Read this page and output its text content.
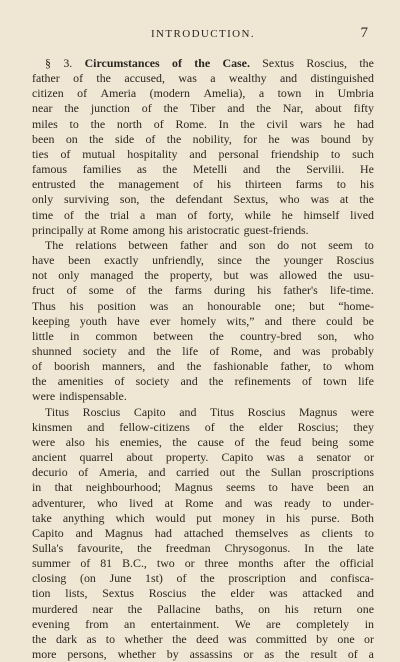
INTRODUCTION.	7
§ 3. Circumstances of the Case. Sextus Roscius, the
father of the accused, was a wealthy and distinguished
citizen of Ameria (modern Amelia), a town in Umbria
near the junction of the Tiber and the Nar, about fifty
miles to the north of Rome. In the civil wars he had
been on the side of the nobility, for he was bound by
ties of mutual hospitality and personal friendship to such
famous families as the Metelli and the Servilii. He
entrusted the management of his thirteen farms to his
only surviving son, the defendant Sextus, who was at the
time of the trial a man of forty, while he himself lived
principally at Rome among his aristocratic guest-friends.
The relations between father and son do not seem to
have been exactly unfriendly, since the younger Roscius
not only managed the property, but was allowed the usu-
fruct of some of the farms during his father's life-time.
Thus his position was an honourable one; but “home-
keeping youth have ever homely wits,” and there could be
little in common between the country-bred son, who
shunned society and the life of Rome, and was probably
of boorish manners, and the fashionable father, to whom
the amenities of society and the refinements of town life
were indispensable.
Titus Roscius Capito and Titus Roscius Magnus were
kinsmen and fellow-citizens of the elder Roscius; they
were also his enemies, the cause of the feud being some
ancient quarrel about property. Capito was a senator or
decurio of Ameria, and carried out the Sullan proscriptions
in that neighbourhood; Magnus seems to have been an
adventurer, who lived at Rome and was ready to under-
take anything which would put money in his purse. Both
Capito and Magnus had attached themselves as clients to
Sulla's favourite, the freedman Chrysogonus. In the late
summer of 81 B.C., two or three months after the official
closing (on June 1st) of the proscription and confisca-
tion lists, Sextus Roscius the elder was attacked and
murdered near the Pallacine baths, on his return one
evening from an entertainment. We are completely in
the dark as to whether the deed was committed by one or
more persons, whether by assassins or as the result of a
